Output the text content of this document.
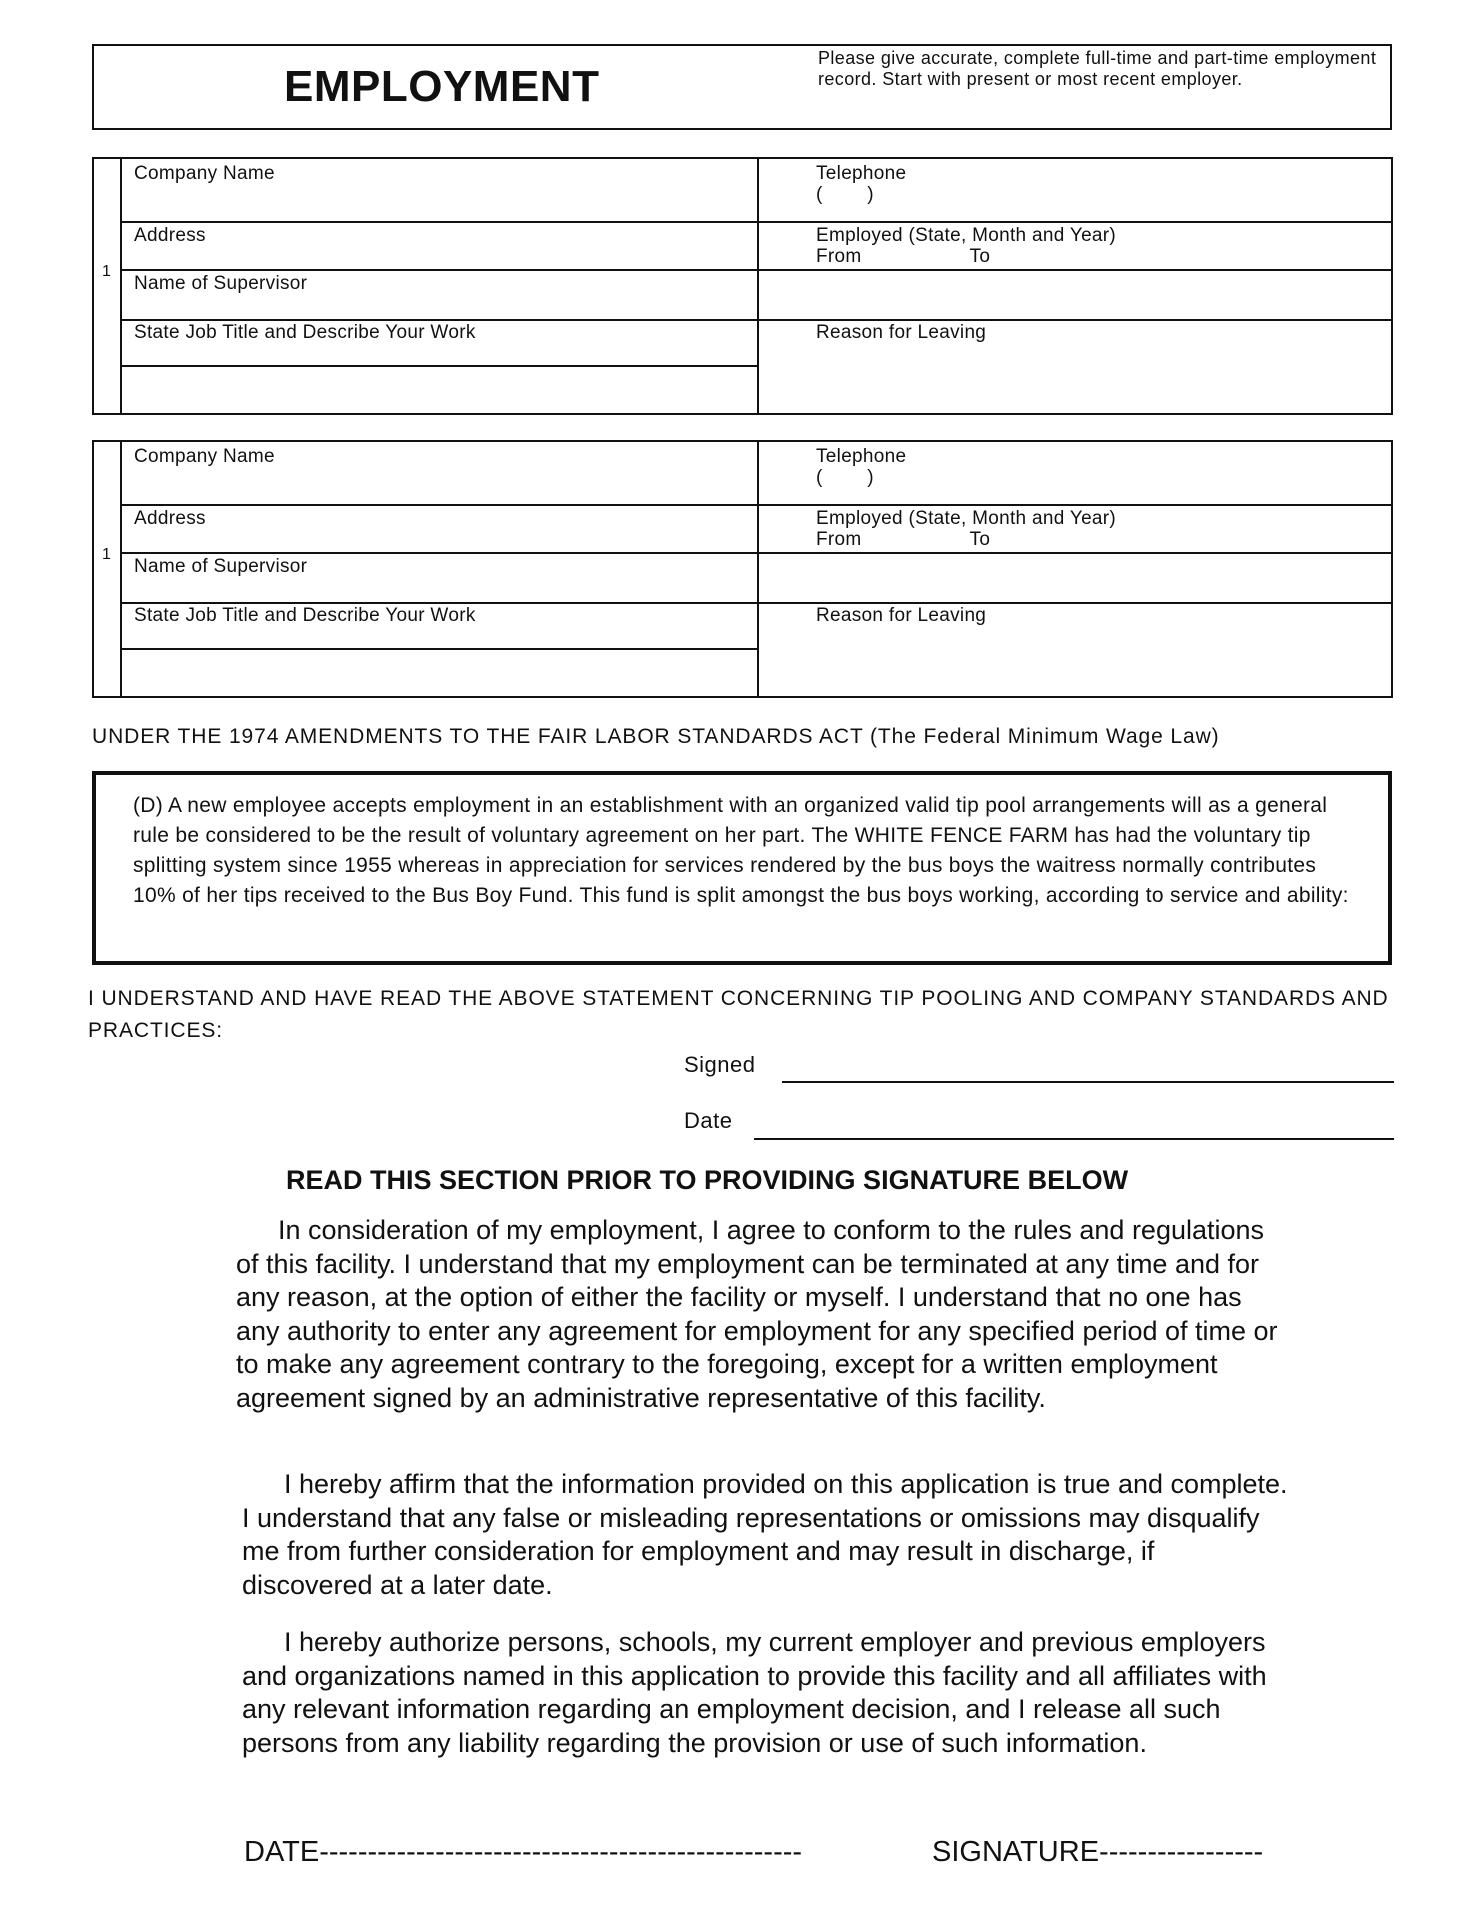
EMPLOYMENT
Please give accurate, complete full-time and part-time employment record. Start with present or most recent employer.
1
Company Name	Telephone
(        )
Address	Employed (State, Month and Year)
From	To
Name of Supervisor
State Job Title and Describe Your Work	Reason for Leaving
1
Company Name	Telephone
(        )
Address	Employed (State, Month and Year)
From	To
Name of Supervisor
State Job Title and Describe Your Work	Reason for Leaving
UNDER THE 1974 AMENDMENTS TO THE FAIR LABOR STANDARDS ACT (The Federal Minimum Wage Law)
(D) A new employee accepts employment in an establishment with an organized valid tip pool arrangements will as a general rule be considered to be the result of voluntary agreement on her part. The WHITE FENCE FARM has had the voluntary tip splitting system since 1955 whereas in appreciation for services rendered by the bus boys the waitress normally contributes 10% of her tips received to the Bus Boy Fund. This fund is split amongst the bus boys working, according to service and ability:
I UNDERSTAND AND HAVE READ THE ABOVE STATEMENT CONCERNING TIP POOLING AND COMPANY STANDARDS AND PRACTICES:
Signed
Date
READ THIS SECTION PRIOR TO PROVIDING SIGNATURE BELOW
In consideration of my employment, I agree to conform to the rules and regulations of this facility. I understand that my employment can be terminated at any time and for any reason, at the option of either the facility or myself. I understand that no one has any authority to enter any agreement for employment for any specified period of time or to make any agreement contrary to the foregoing, except for a written employment agreement signed by an administrative representative of this facility.
I hereby affirm that the information provided on this application is true and complete. I understand that any false or misleading representations or omissions may disqualify me from further consideration for employment and may result in discharge, if discovered at a later date.
I hereby authorize persons, schools, my current employer and previous employers and organizations named in this application to provide this facility and all affiliates with any relevant information regarding an employment decision, and I release all such persons from any liability regarding the provision or use of such information.
DATE--------------------------------------------------	SIGNATURE-----------------
